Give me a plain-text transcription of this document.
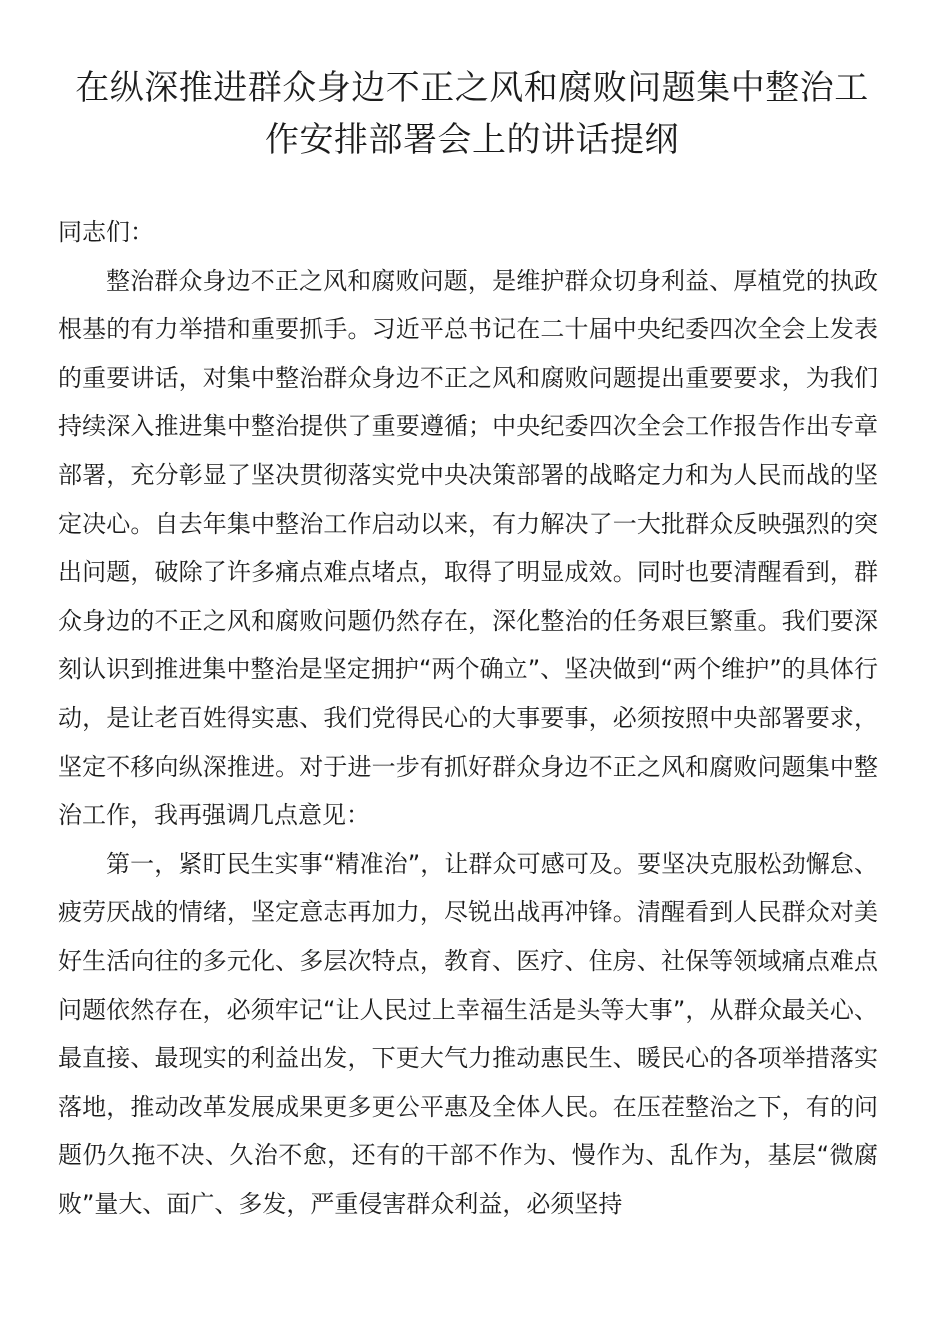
在纵深推进群众身边不正之风和腐败问题集中整治工作安排部署会上的讲话提纲

同志们：

整治群众身边不正之风和腐败问题，是维护群众切身利益、厚植党的执政根基的有力举措和重要抓手。习近平总书记在二十届中央纪委四次全会上发表的重要讲话，对集中整治群众身边不正之风和腐败问题提出重要要求，为我们持续深入推进集中整治提供了重要遵循；中央纪委四次全会工作报告作出专章部署，充分彰显了坚决贯彻落实党中央决策部署的战略定力和为人民而战的坚定决心。自去年集中整治工作启动以来，有力解决了一大批群众反映强烈的突出问题，破除了许多痛点难点堵点，取得了明显成效。同时也要清醒看到，群众身边的不正之风和腐败问题仍然存在，深化整治的任务艰巨繁重。我们要深刻认识到推进集中整治是坚定拥护“两个确立”、坚决做到“两个维护”的具体行动，是让老百姓得实惠、我们党得民心的大事要事，必须按照中央部署要求，坚定不移向纵深推进。对于进一步有抓好群众身边不正之风和腐败问题集中整治工作，我再强调几点意见：

第一，紧盯民生实事“精准治”，让群众可感可及。要坚决克服松劲懈怠、疲劳厌战的情绪，坚定意志再加力，尽锐出战再冲锋。清醒看到人民群众对美好生活向往的多元化、多层次特点，教育、医疗、住房、社保等领域痛点难点问题依然存在，必须牢记“让人民过上幸福生活是头等大事”，从群众最关心、最直接、最现实的利益出发，下更大气力推动惠民生、暖民心的各项举措落实落地，推动改革发展成果更多更公平惠及全体人民。在压茬整治之下，有的问题仍久拖不决、久治不愈，还有的干部不作为、慢作为、乱作为，基层“微腐败”量大、面广、多发，严重侵害群众利益，必须坚持
